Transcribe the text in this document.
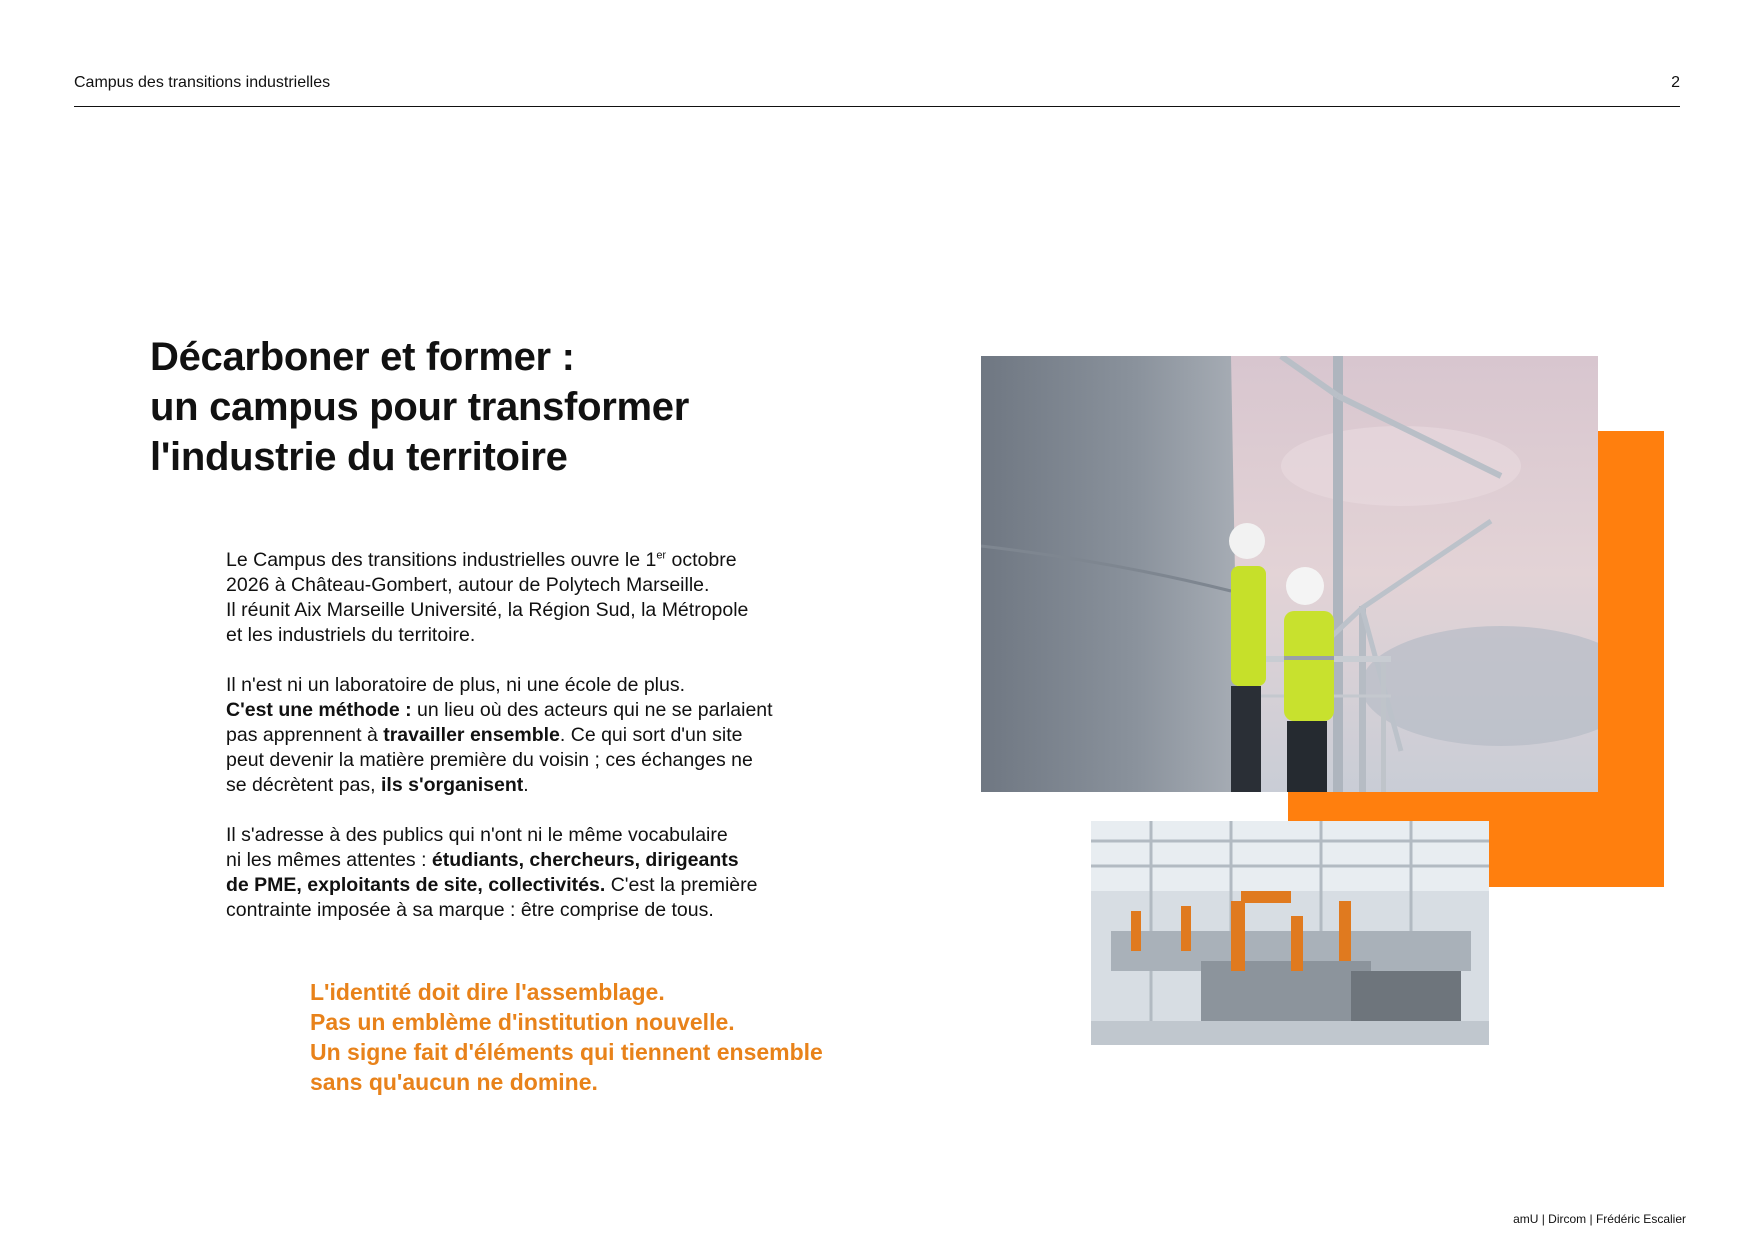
Campus des transitions industrielles	2
Décarboner et former :
un campus pour transformer
l'industrie du territoire

Le Campus des transitions industrielles ouvre le 1er octobre
2026 à Château-Gombert, autour de Polytech Marseille.
Il réunit Aix Marseille Université, la Région Sud, la Métropole
et les industriels du territoire.

Il n'est ni un laboratoire de plus, ni une école de plus.
C'est une méthode : un lieu où des acteurs qui ne se parlaient
pas apprennent à travailler ensemble. Ce qui sort d'un site
peut devenir la matière première du voisin ; ces échanges ne
se décrètent pas, ils s'organisent.

Il s'adresse à des publics qui n'ont ni le même vocabulaire
ni les mêmes attentes : étudiants, chercheurs, dirigeants
de PME, exploitants de site, collectivités. C'est la première
contrainte imposée à sa marque : être comprise de tous.

L'identité doit dire l'assemblage.
Pas un emblème d'institution nouvelle.
Un signe fait d'éléments qui tiennent ensemble
sans qu'aucun ne domine.
amU | Dircom | Frédéric Escalier
